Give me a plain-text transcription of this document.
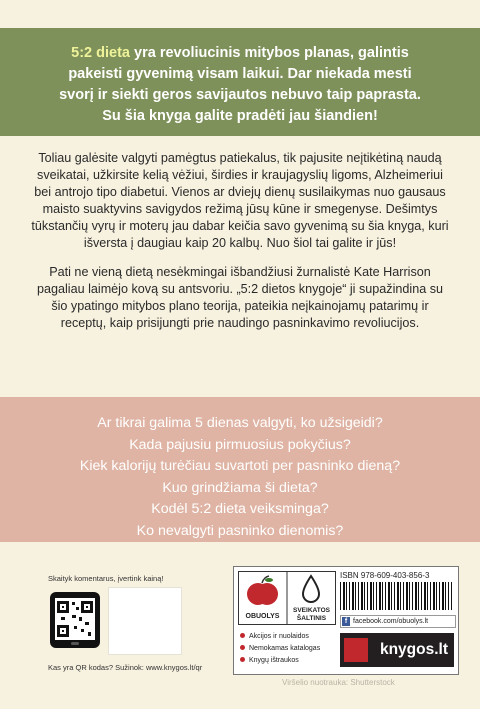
5:2 dieta yra revoliucinis mitybos planas, galintis
pakeisti gyvenimą visam laikui. Dar niekada mesti
svorį ir siekti geros savijautos nebuvo taip paprasta.
Su šia knyga galite pradėti jau šiandien!

Toliau galėsite valgyti pamėgtus patiekalus, tik pajusite neįtikėtiną naudą sveikatai, užkirsite kelią vėžiui, širdies ir kraujagyslių ligoms, Alzheimeriui bei antrojo tipo diabetui. Vienos ar dviejų dienų susilaikymas nuo gausaus maisto suaktyvins savigydos režimą jūsų kūne ir smegenyse. Dešimtys tūkstančių vyrų ir moterų jau dabar keičia savo gyvenimą su šia knyga, kuri išversta į daugiau kaip 20 kalbų. Nuo šiol tai galite ir jūs!

Pati ne vieną dietą nesėkmingai išbandžiusi žurnalistė Kate Harrison pagaliau laimėjo kovą su antsvoriu. „5:2 dietos knygoje“ ji supažindina su šio ypatingo mitybos plano teorija, pateikia neįkainojamų patarimų ir receptų, kaip prisijungti prie naudingo pasninkavimo revoliucijos.

Ar tikrai galima 5 dienas valgyti, ko užsigeidi?
Kada pajusiu pirmuosius pokyčius?
Kiek kalorijų turėčiau suvartoti per pasninko dieną?
Kuo grindžiama ši dieta?
Kodėl 5:2 dieta veiksminga?
Ko nevalgyti pasninko dienomis?
Skaityk komentarus, įvertink kainą!
Kas yra QR kodas? Sužinok: www.knygos.lt/qr
OBUOLYS
SVEIKATOS
ŠALTINIS
ISBN 978-609-403-856-3
f facebook.com/obuolys.lt
Akcijos ir nuolaidos
Nemokamas katalogas
Knygų ištraukos
knygos.lt
Viršelio nuotrauka: Shutterstock
